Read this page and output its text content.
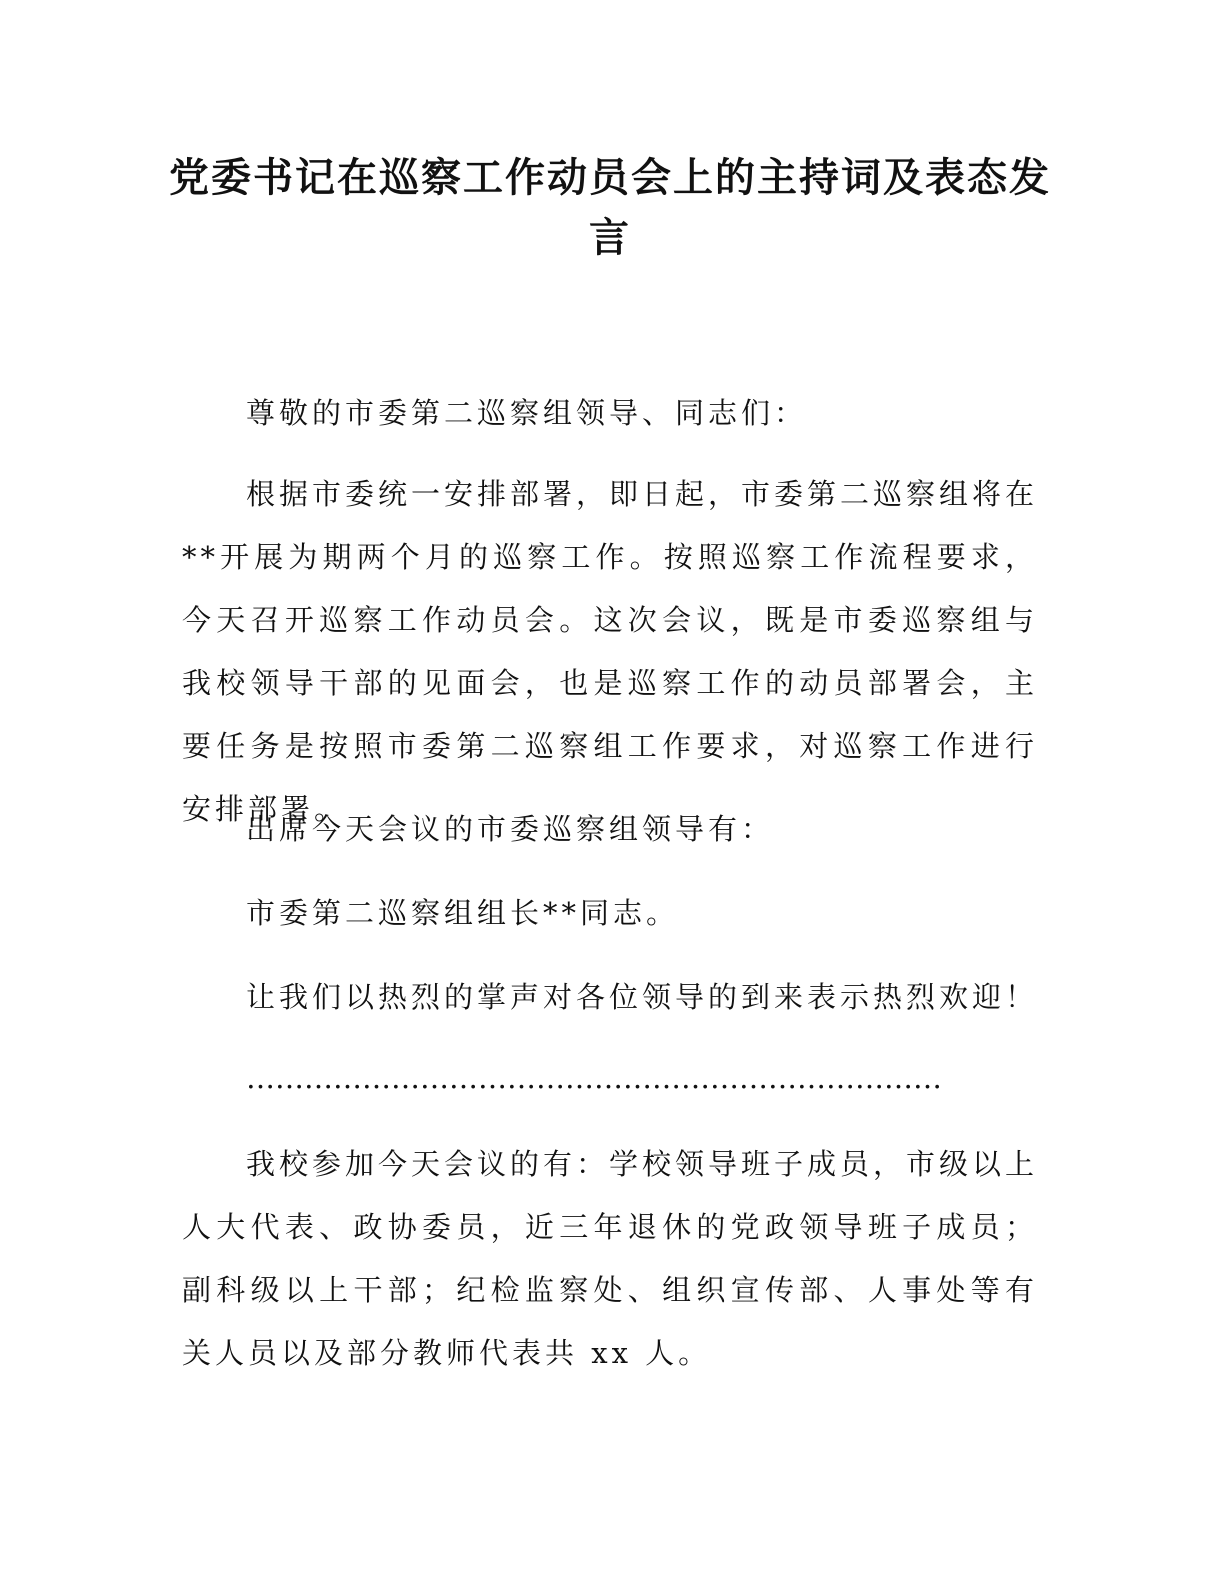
党委书记在巡察工作动员会上的主持词及表态发言

尊敬的市委第二巡察组领导、同志们：

根据市委统一安排部署，即日起，市委第二巡察组将在**开展为期两个月的巡察工作。按照巡察工作流程要求，今天召开巡察工作动员会。这次会议，既是市委巡察组与我校领导干部的见面会，也是巡察工作的动员部署会，主要任务是按照市委第二巡察组工作要求，对巡察工作进行安排部署。

出席今天会议的市委巡察组领导有：

市委第二巡察组组长**同志。

让我们以热烈的掌声对各位领导的到来表示热烈欢迎！

………………………………………………………………

我校参加今天会议的有：学校领导班子成员，市级以上人大代表、政协委员，近三年退休的党政领导班子成员；副科级以上干部；纪检监察处、组织宣传部、人事处等有关人员以及部分教师代表共 xx 人。
